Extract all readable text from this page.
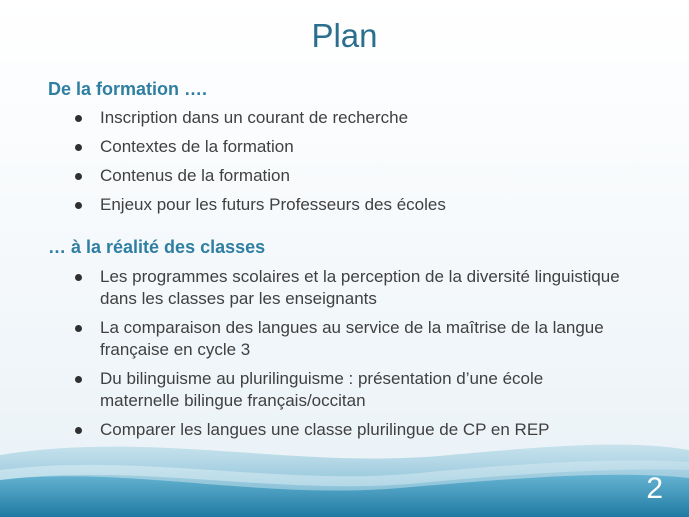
Plan
De la formation ….
Inscription dans un courant de recherche
Contextes de la formation
Contenus de la formation
Enjeux pour les futurs Professeurs des écoles
… à la réalité des classes
Les programmes scolaires et la perception de la diversité linguistique dans les classes par les enseignants
La comparaison des langues au service de la maîtrise de la langue française en cycle 3
Du bilinguisme au plurilinguisme : présentation d’une école maternelle bilingue français/occitan
Comparer les langues une classe plurilingue de CP en REP
2
